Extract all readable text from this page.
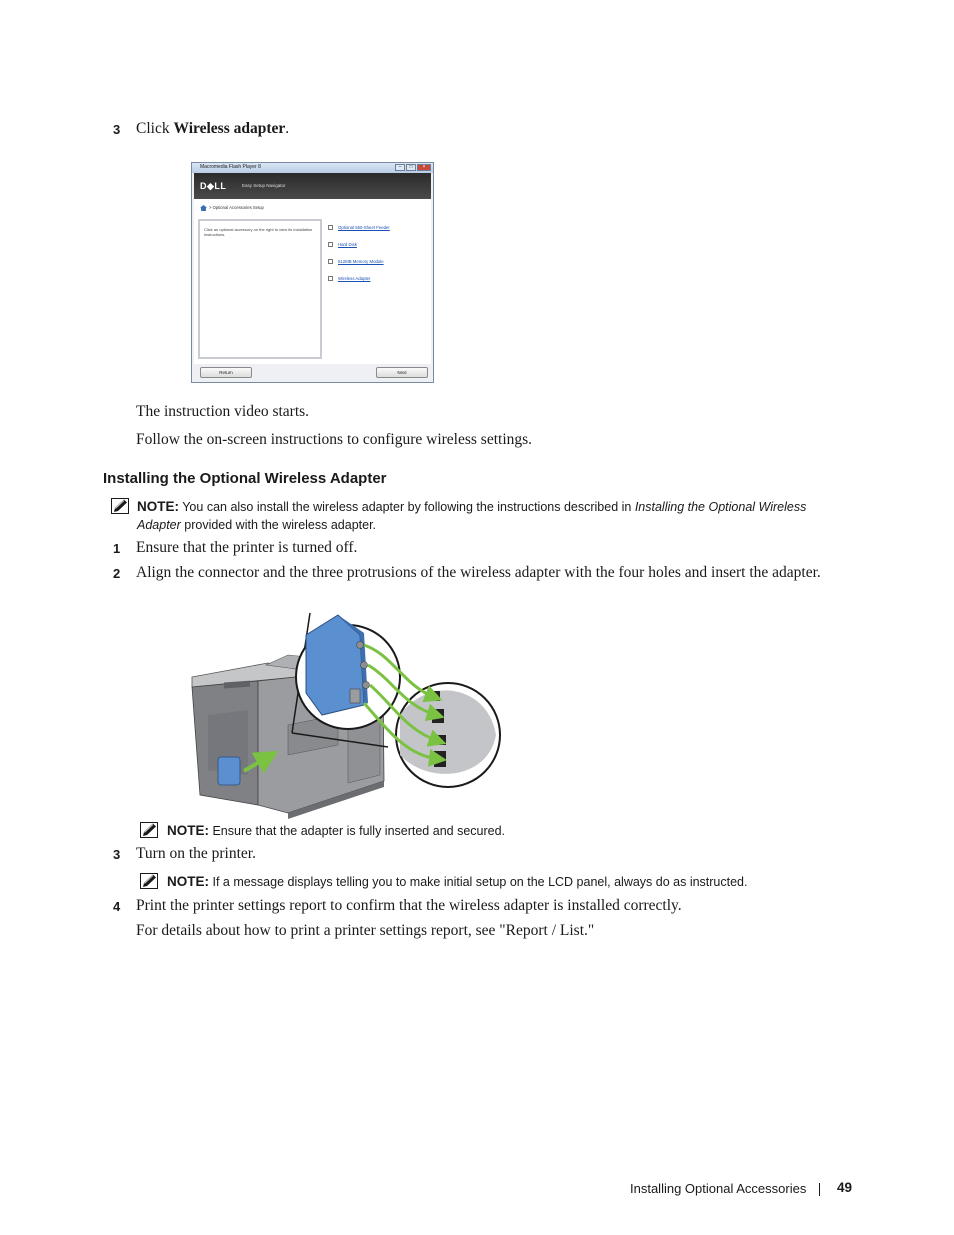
3 Click Wireless adapter.
Macromedia Flash Player 8	–	□	×
D◆LL	Easy Setup Navigator
> Optional Accessories Setup
Click an optional accessory on the right to view its installation instructions.
Optional 550-Sheet Feeder
Hard Disk
512MB Memory Module
Wireless Adapter
Return	Next
The instruction video starts.
Follow the on-screen instructions to configure wireless settings.
Installing the Optional Wireless Adapter
NOTE: You can also install the wireless adapter by following the instructions described in Installing the Optional Wireless Adapter provided with the wireless adapter.
1 Ensure that the printer is turned off.
2 Align the connector and the three protrusions of the wireless adapter with the four holes and insert the adapter.
NOTE: Ensure that the adapter is fully inserted and secured.
3 Turn on the printer.
NOTE: If a message displays telling you to make initial setup on the LCD panel, always do as instructed.
4 Print the printer settings report to confirm that the wireless adapter is installed correctly.
For details about how to print a printer settings report, see "Report / List."
Installing Optional Accessories 49
